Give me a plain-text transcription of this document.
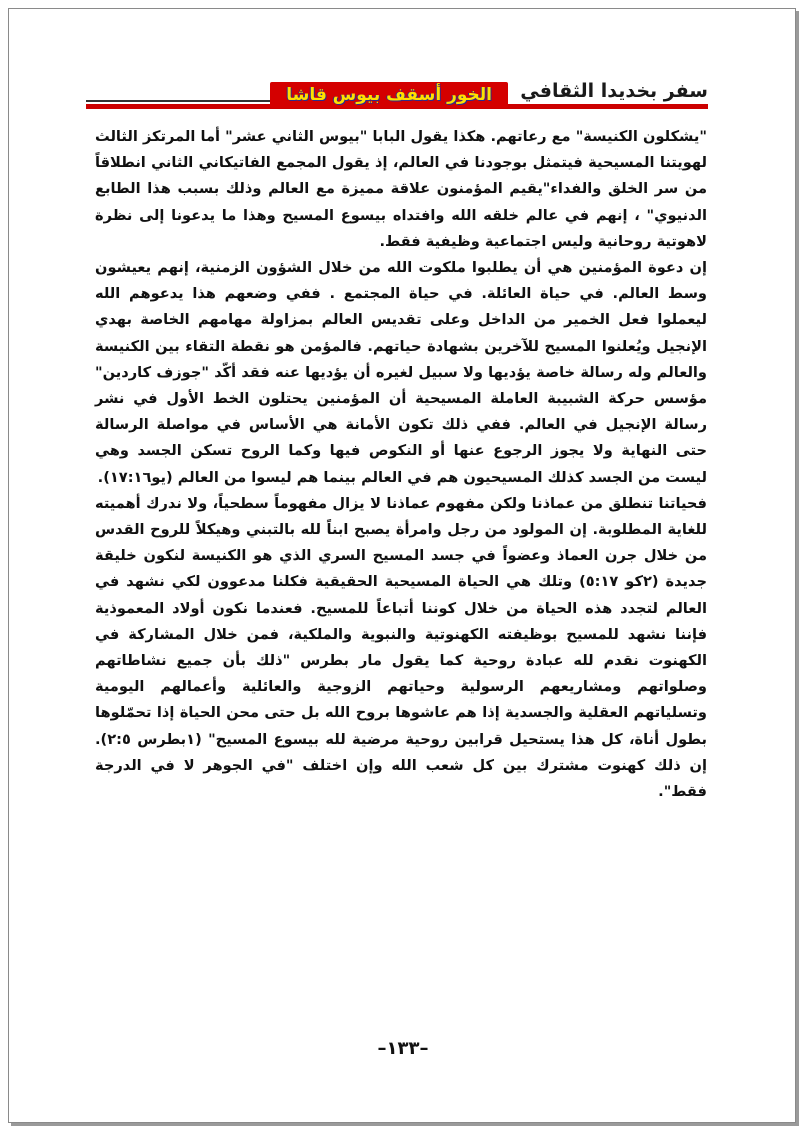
سفر بخديدا الثقافي
الخور أسقف بيوس قاشا

"يشكلون الكنيسة" مع رعاتهم. هكذا يقول البابا "بيوس الثاني عشر" أما المرتكز الثالث لهويتنا المسيحية فيتمثل بوجودنا في العالم، إذ يقول المجمع الفاتيكاني الثاني انطلاقاً من سر الخلق والفداء"يقيم المؤمنون علاقة مميزة مع العالم وذلك بسبب هذا الطابع الدنيوي" ، إنهم في عالم خلقه الله وافتداه بيسوع المسيح وهذا ما يدعونا إلى نظرة لاهوتية روحانية وليس اجتماعية وظيفية فقط.

إن دعوة المؤمنين هي أن يطلبوا ملكوت الله من خلال الشؤون الزمنية، إنهم يعيشون وسط العالم. في حياة العائلة. في حياة المجتمع . ففي وضعهم هذا يدعوهم الله ليعملوا فعل الخمير من الداخل وعلى تقديس العالم بمزاولة مهامهم الخاصة بهدي الإنجيل ويُعلنوا المسيح للآخرين بشهادة حياتهم. فالمؤمن هو نقطة التقاء بين الكنيسة والعالم وله رسالة خاصة يؤديها ولا سبيل لغيره أن يؤديها عنه فقد أكّد "جوزف كاردين" مؤسس حركة الشبيبة العاملة المسيحية أن المؤمنين يحتلون الخط الأول في نشر رسالة الإنجيل في العالم. ففي ذلك تكون الأمانة هي الأساس في مواصلة الرسالة حتى النهاية ولا يجوز الرجوع عنها أو النكوص فيها وكما الروح تسكن الجسد وهي ليست من الجسد كذلك المسيحيون هم في العالم بينما هم ليسوا من العالم (يو١٧:١٦).

فحياتنا تنطلق من عماذنا ولكن مفهوم عماذنا لا يزال مفهوماً سطحياً، ولا ندرك أهميته للغاية المطلوبة. إن المولود من رجل وامرأة يصبح ابناً لله بالتبني وهيكلاً للروح القدس من خلال جرن العماذ وعضواً في جسد المسيح السري الذي هو الكنيسة لنكون خليقة جديدة (٢كو ٥:١٧) وتلك هي الحياة المسيحية الحقيقية فكلنا مدعوون لكي نشهد في العالم لتجدد هذه الحياة من خلال كوننا أتباعاً للمسيح. فعندما نكون أولاد المعموذية فإننا نشهد للمسيح بوظيفته الكهنوتية والنبوية والملكية، فمن خلال المشاركة في الكهنوت نقدم لله عبادة روحية كما يقول مار بطرس "ذلك بأن جميع نشاطاتهم وصلواتهم ومشاريعهم الرسولية وحياتهم الزوجية والعائلية وأعمالهم اليومية وتسلياتهم العقلية والجسدية إذا هم عاشوها بروح الله بل حتى محن الحياة إذا تحمّلوها بطول أناة، كل هذا يستحيل قرابين روحية مرضية لله بيسوع المسيح" (١بطرس ٢:٥). إن ذلك كهنوت مشترك بين كل شعب الله وإن اختلف "في الجوهر لا في الدرجة فقط".

–١٣٣–
